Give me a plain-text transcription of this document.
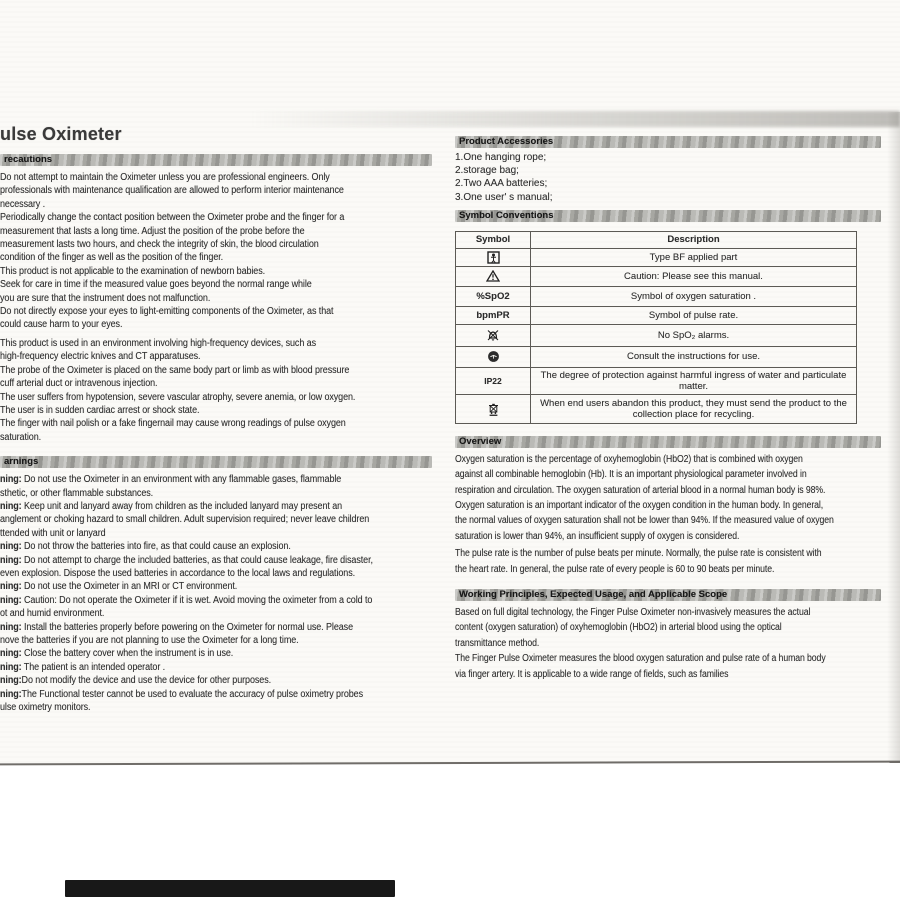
ulse Oximeter
recautions
Do not attempt to maintain the Oximeter unless you are professional engineers. Only
professionals with maintenance qualification are allowed to perform interior maintenance
necessary .
Periodically change the contact position between the Oximeter probe and the finger for a
measurement that lasts a long time. Adjust the position of the probe before the
measurement lasts two hours, and check the integrity of skin, the blood circulation
condition of the finger as well as the position of the finger.
This product is not applicable to the examination of newborn babies.
Seek for care in time if the measured value goes beyond the normal range while
you are sure that the instrument does not malfunction.
Do not directly expose your eyes to light-emitting components of the Oximeter, as that
could cause harm to your eyes.
This product is used in an environment involving high-frequency devices, such as
high-frequency electric knives and CT apparatuses.
The probe of the Oximeter is placed on the same body part or limb as with blood pressure
cuff arterial duct or intravenous injection.
The user suffers from hypotension, severe vascular atrophy, severe anemia, or low oxygen.
The user is in sudden cardiac arrest or shock state.
The finger with nail polish or a fake fingernail may cause wrong readings of pulse oxygen
saturation.
arnings
ning: Do not use the Oximeter in an environment with any flammable gases, flammable
sthetic, or other flammable substances.
ning: Keep unit and lanyard away from children as the included lanyard may present an
anglement or choking hazard to small children. Adult supervision required; never leave children
ttended with unit or lanyard
ning: Do not throw the batteries into fire, as that could cause an explosion.
ning: Do not attempt to charge the included batteries, as that could cause leakage, fire disaster,
even explosion. Dispose the used batteries in accordance to the local laws and regulations.
ning: Do not use the Oximeter in an MRI or CT environment.
ning: Caution: Do not operate the Oximeter if it is wet. Avoid moving the oximeter from a cold to
ot and humid environment.
ning: Install the batteries properly before powering on the Oximeter for normal use. Please
nove the batteries if you are not planning to use the Oximeter for a long time.
ning: Close the battery cover when the instrument is in use.
ning: The patient is an intended operator .
ning:Do not modify the device and use the device for other purposes.
ning:The Functional tester cannot be used to evaluate the accuracy of pulse oximetry probes
ulse oximetry monitors.
Product Accessories
1.One hanging rope;
2.storage bag;
2.Two AAA batteries;
3.One user' s manual;
Symbol Conventions
Symbol	Description
	Type BF applied part
	Caution: Please see this manual.
%SpO2	Symbol of oxygen saturation .
bpmPR	Symbol of pulse rate.
	No SpO₂ alarms.
	Consult the instructions for use.
IP22	The degree of protection against harmful ingress of water and particulate matter.
	When end users abandon this product, they must send the product to the collection place for recycling.
Overview
Oxygen saturation is the percentage of oxyhemoglobin (HbO2) that is combined with oxygen
against all combinable hemoglobin (Hb). It is an important physiological parameter involved in
respiration and circulation. The oxygen saturation of arterial blood in a normal human body is 98%.
Oxygen saturation is an important indicator of the oxygen condition in the human body. In general,
the normal values of oxygen saturation shall not be lower than 94%. If the measured value of oxygen
saturation is lower than 94%, an insufficient supply of oxygen is considered.
The pulse rate is the number of pulse beats per minute. Normally, the pulse rate is consistent with
the heart rate. In general, the pulse rate of every people is 60 to 90 beats per minute.
Working Principles, Expected Usage, and Applicable Scope
Based on full digital technology, the Finger Pulse Oximeter non-invasively measures the actual
content (oxygen saturation) of oxyhemoglobin (HbO2) in arterial blood using the optical
transmittance method.
The Finger Pulse Oximeter measures the blood oxygen saturation and pulse rate of a human body
via finger artery. It is applicable to a wide range of fields, such as families
